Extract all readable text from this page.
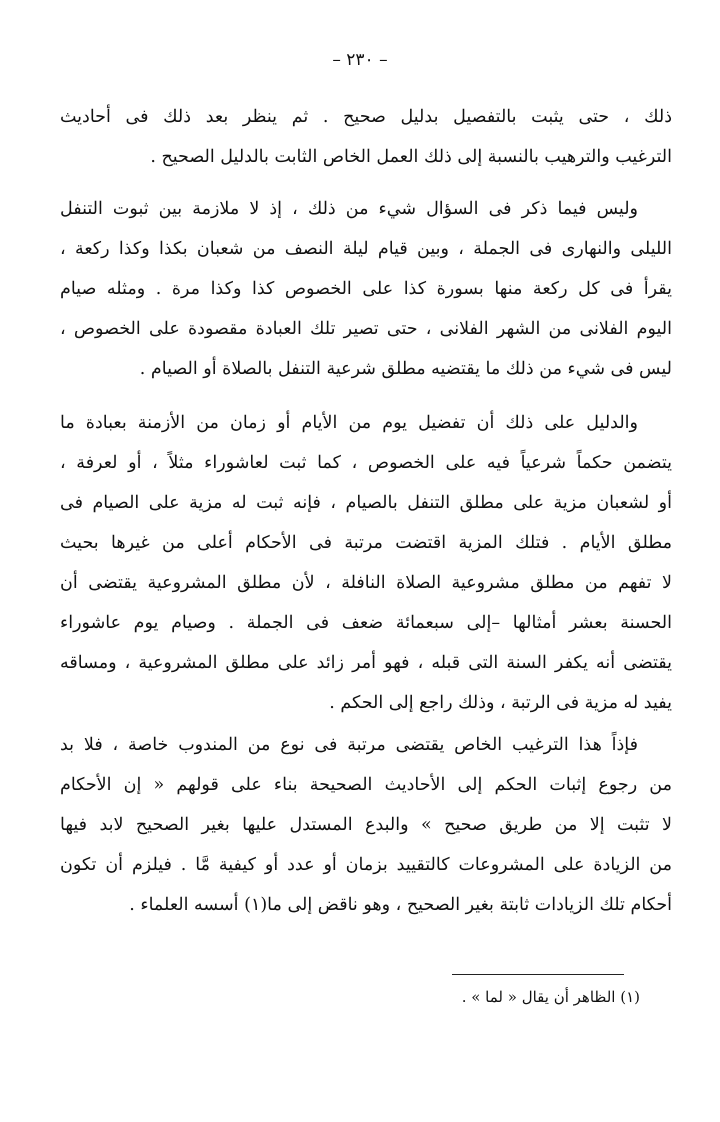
– ٢٣٠ –
ذلك ، حتى يثبت بالتفصيل بدليل صحيح . ثم ينظر بعد ذلك فى أحاديث
الترغيب والترهيب بالنسبة إلى ذلك العمل الخاص الثابت بالدليل الصحيح .
وليس فيما ذكر فى السؤال شيء من ذلك ، إذ لا ملازمة بين ثبوت التنفل
الليلى والنهارى فى الجملة ، وبين قيام ليلة النصف من شعبان بكذا وكذا ركعة ،
يقرأ فى كل ركعة منها بسورة كذا على الخصوص كذا وكذا مرة . ومثله صيام
اليوم الفلانى من الشهر الفلانى ، حتى تصير تلك العبادة مقصودة على الخصوص ،
ليس فى شيء من ذلك ما يقتضيه مطلق شرعية التنفل بالصلاة أو الصيام .
والدليل على ذلك أن تفضيل يوم من الأيام أو زمان من الأزمنة بعبادة ما
يتضمن حكماً شرعياً فيه على الخصوص ، كما ثبت لعاشوراء مثلاً ، أو لعرفة ،
أو لشعبان مزية على مطلق التنفل بالصيام ، فإنه ثبت له مزية على الصيام فى
مطلق الأيام . فتلك المزية اقتضت مرتبة فى الأحكام أعلى من غيرها بحيث
لا تفهم من مطلق مشروعية الصلاة النافلة ، لأن مطلق المشروعية يقتضى أن
الحسنة بعشر أمثالها –إلى سبعمائة ضعف فى الجملة . وصيام يوم عاشوراء
يقتضى أنه يكفر السنة التى قبله ، فهو أمر زائد على مطلق المشروعية ، ومساقه
يفيد له مزية فى الرتبة ، وذلك راجع إلى الحكم .
فإذاً هذا الترغيب الخاص يقتضى مرتبة فى نوع من المندوب خاصة ، فلا بد
من رجوع إثبات الحكم إلى الأحاديث الصحيحة بناء على قولهم « إن الأحكام
لا تثبت إلا من طريق صحيح » والبدع المستدل عليها بغير الصحيح لابد فيها
من الزيادة على المشروعات كالتقييد بزمان أو عدد أو كيفية مَّا . فيلزم أن تكون
أحكام تلك الزيادات ثابتة بغير الصحيح ، وهو ناقض إلى ما(١) أسسه العلماء .
(١) الظاهر أن يقال « لما » .
